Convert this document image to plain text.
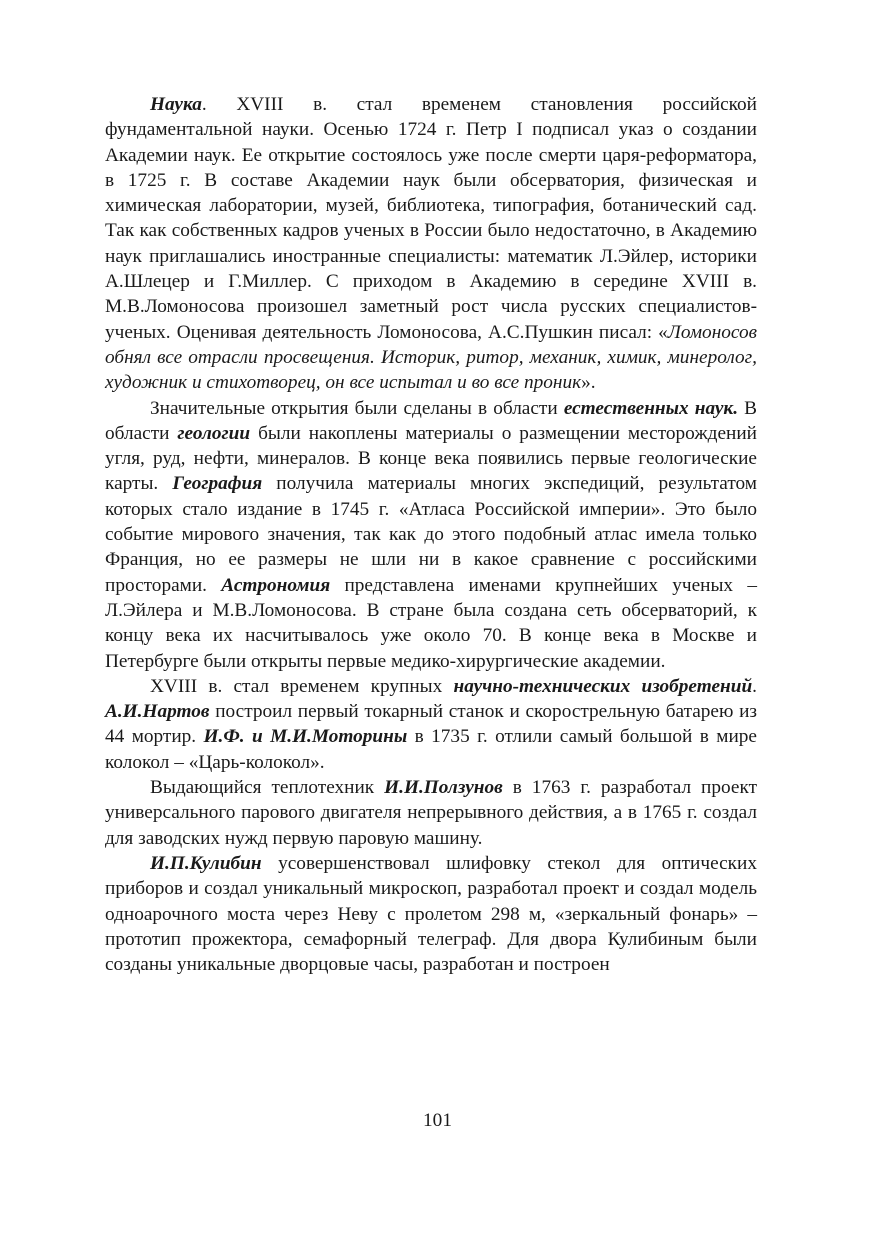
Наука. XVIII в. стал временем становления российской фундаментальной науки. Осенью 1724 г. Петр I подписал указ о создании Академии наук. Ее открытие состоялось уже после смерти царя-реформатора, в 1725 г. В составе Академии наук были обсерватория, физическая и химическая лаборатории, музей, библиотека, типография, ботанический сад. Так как собственных кадров ученых в России было недостаточно, в Академию наук приглашались иностранные специалисты: математик Л.Эйлер, историки А.Шлецер и Г.Миллер. С приходом в Академию в середине XVIII в. М.В.Ломоносова произошел заметный рост числа русских специалистов-ученых. Оценивая деятельность Ломоносова, А.С.Пушкин писал: «Ломоносов обнял все отрасли просвещения. Историк, ритор, механик, химик, минеролог, художник и стихотворец, он все испытал и во все проник».

Значительные открытия были сделаны в области естественных наук. В области геологии были накоплены материалы о размещении месторождений угля, руд, нефти, минералов. В конце века появились первые геологические карты. География получила материалы многих экспедиций, результатом которых стало издание в 1745 г. «Атласа Российской империи». Это было событие мирового значения, так как до этого подобный атлас имела только Франция, но ее размеры не шли ни в какое сравнение с российскими просторами. Астрономия представлена именами крупнейших ученых – Л.Эйлера и М.В.Ломоносова. В стране была создана сеть обсерваторий, к концу века их насчитывалось уже около 70. В конце века в Москве и Петербурге были открыты первые медико-хирургические академии.

XVIII в. стал временем крупных научно-технических изобретений. А.И.Нартов построил первый токарный станок и скорострельную батарею из 44 мортир. И.Ф. и М.И.Моторины в 1735 г. отлили самый большой в мире колокол – «Царь-колокол».

Выдающийся теплотехник И.И.Ползунов в 1763 г. разработал проект универсального парового двигателя непрерывного действия, а в 1765 г. создал для заводских нужд первую паровую машину.

И.П.Кулибин усовершенствовал шлифовку стекол для оптических приборов и создал уникальный микроскоп, разработал проект и создал модель одноарочного моста через Неву с пролетом 298 м, «зеркальный фонарь» – прототип прожектора, семафорный телеграф. Для двора Кулибиным были созданы уникальные дворцовые часы, разработан и построен

101
